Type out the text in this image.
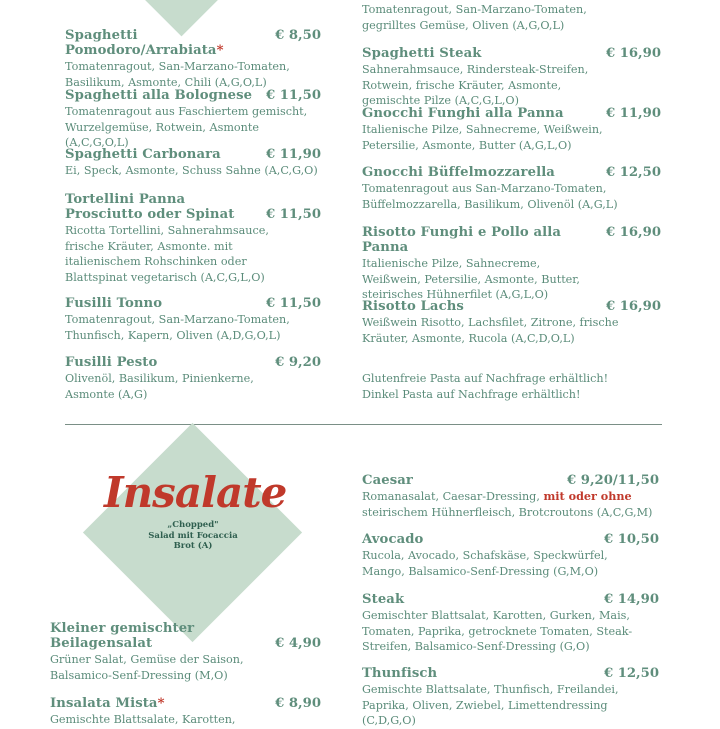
Spaghetti Pomodoro/Arrabiata*
€ 8,50
Tomatenragout, San-Marzano-Tomaten, Basilikum, Asmonte, Chili (A,G,O,L)
Spaghetti alla Bolognese € 11,50
Tomatenragout aus Faschiertem gemischt, Wurzelgemüse, Rotwein, Asmonte (A,C,G,O,L)
Spaghetti Carbonara	€ 11,90
Ei, Speck, Asmonte, Schuss Sahne (A,C,G,O)
Tortellini Panna Prosciutto oder Spinat € 11,50
Ricotta Tortellini, Sahnerahmsauce, frische Kräuter, Asmonte. mit italienischem Rohschinken oder Blattspinat vegetarisch (A,C,G,L,O)
Fusilli Tonno	€ 11,50
Tomatenragout, San-Marzano-Tomaten, Thunfisch, Kapern, Oliven (A,D,G,O,L)
Fusilli Pesto	€ 9,20
Olivenöl, Basilikum, Pinienkerne, Asmonte (A,G)
Tomatenragout, San-Marzano-Tomaten, gegrilltes Gemüse, Oliven (A,G,O,L)
Spaghetti Steak	€ 16,90
Sahnerahmsauce, Rindersteak-Streifen, Rotwein, frische Kräuter, Asmonte, gemischte Pilze (A,C,G,L,O)
Gnocchi Funghi alla Panna	€ 11,90
Italienische Pilze, Sahnecreme, Weißwein, Petersilie, Asmonte, Butter (A,G,L,O)
Gnocchi Büffelmozzarella	€ 12,50
Tomatenragout aus San-Marzano-Tomaten, Büffelmozzarella, Basilikum, Olivenöl (A,G,L)
Risotto Funghi e Pollo alla Panna
€ 16,90
Italienische Pilze, Sahnecreme, Weißwein, Petersilie, Asmonte, Butter, steirisches Hühnerfilet (A,G,L,O)
Risotto Lachs	€ 16,90
Weißwein Risotto, Lachsfilet, Zitrone, frische Kräuter, Asmonte, Rucola (A,C,D,O,L)
Glutenfreie Pasta auf Nachfrage erhältlich!
Dinkel Pasta auf Nachfrage erhältlich!
Insalate
„Chopped"
Salad mit Focaccia
Brot (A)
Kleiner gemischter Beilagensalat	€ 4,90
Grüner Salat, Gemüse der Saison, Balsamico-Senf-Dressing (M,O)
Insalata Mista*	€ 8,90
Gemischte Blattsalate, Karotten,
Caesar	€ 9,20/11,50
Romanasalat, Caesar-Dressing, mit oder ohne steirischem Hühnerfleisch, Brotcroutons (A,C,G,M)
Avocado	€ 10,50
Rucola, Avocado, Schafskäse, Speckwürfel, Mango, Balsamico-Senf-Dressing (G,M,O)
Steak	€ 14,90
Gemischter Blattsalat, Karotten, Gurken, Mais, Tomaten, Paprika, getrocknete Tomaten, Steak-Streifen, Balsamico-Senf-Dressing (G,O)
Thunfisch	€ 12,50
Gemischte Blattsalate, Thunfisch, Freilandei, Paprika, Oliven, Zwiebel, Limettendressing (C,D,G,O)
